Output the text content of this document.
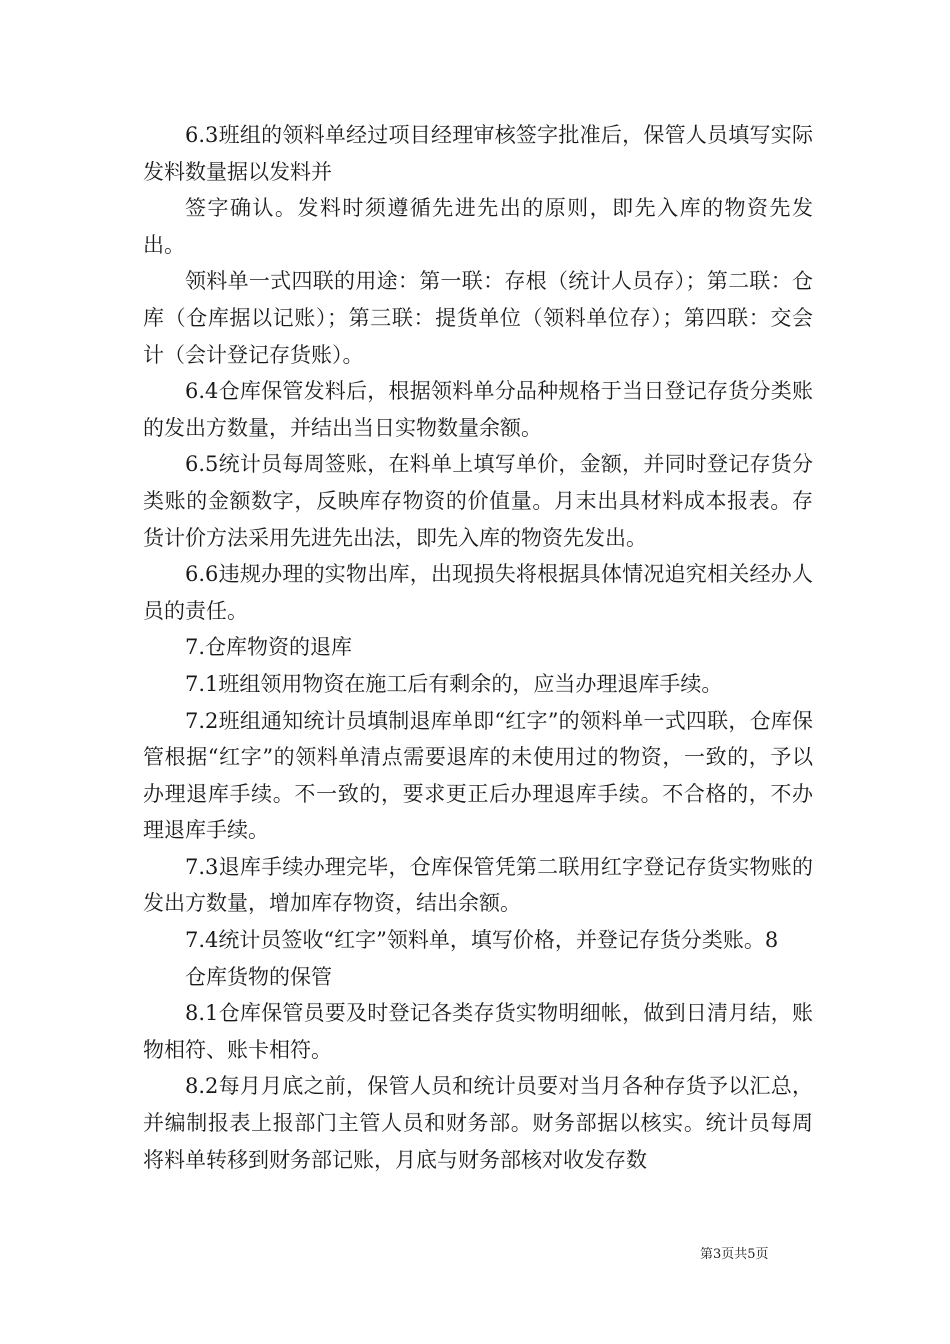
6.3班组的领料单经过项目经理审核签字批准后，保管人员填写实际发料数量据以发料并

签字确认。发料时须遵循先进先出的原则，即先入库的物资先发出。

领料单一式四联的用途：第一联：存根（统计人员存）；第二联：仓库（仓库据以记账）；第三联：提货单位（领料单位存）；第四联：交会计（会计登记存货账）。

6.4仓库保管发料后，根据领料单分品种规格于当日登记存货分类账的发出方数量，并结出当日实物数量余额。

6.5统计员每周签账，在料单上填写单价，金额，并同时登记存货分类账的金额数字，反映库存物资的价值量。月末出具材料成本报表。存货计价方法采用先进先出法，即先入库的物资先发出。

6.6违规办理的实物出库，出现损失将根据具体情况追究相关经办人员的责任。

7.仓库物资的退库

7.1班组领用物资在施工后有剩余的，应当办理退库手续。

7.2班组通知统计员填制退库单即“红字”的领料单一式四联，仓库保管根据“红字”的领料单清点需要退库的未使用过的物资，一致的，予以办理退库手续。不一致的，要求更正后办理退库手续。不合格的，不办理退库手续。

7.3退库手续办理完毕，仓库保管凭第二联用红字登记存货实物账的发出方数量，增加库存物资，结出余额。

7.4统计员签收“红字”领料单，填写价格，并登记存货分类账。8

仓库货物的保管

8.1仓库保管员要及时登记各类存货实物明细帐，做到日清月结，账物相符、账卡相符。

8.2每月月底之前，保管人员和统计员要对当月各种存货予以汇总，并编制报表上报部门主管人员和财务部。财务部据以核实。统计员每周将料单转移到财务部记账，月底与财务部核对收发存数

第3页共5页
